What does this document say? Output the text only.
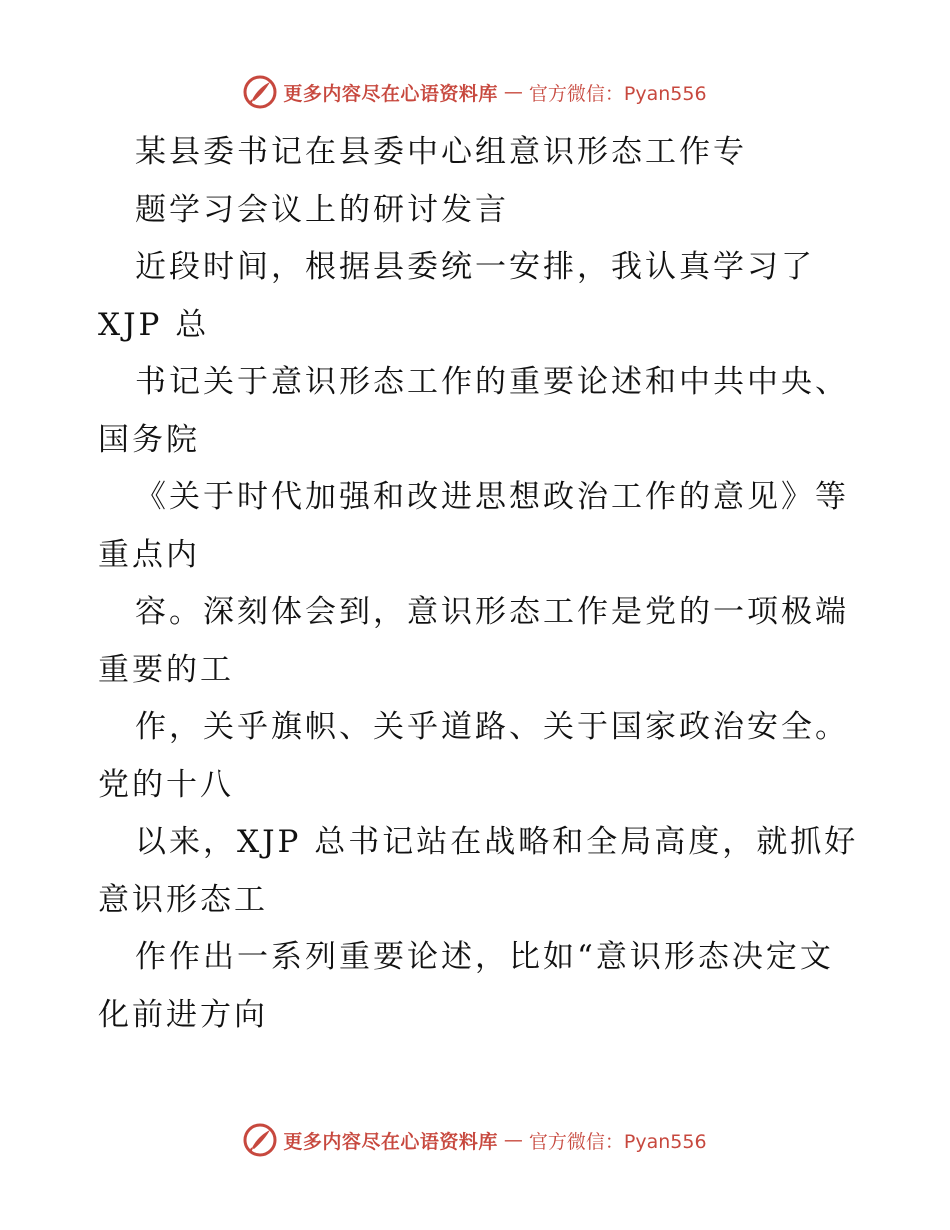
更多内容尽在心语资料库 — 官方微信：Pyan556
某县委书记在县委中心组意识形态工作专
题学习会议上的研讨发言
近段时间，根据县委统一安排，我认真学习了
XJP 总
书记关于意识形态工作的重要论述和中共中央、
国务院
《关于时代加强和改进思想政治工作的意见》等
重点内
容。深刻体会到，意识形态工作是党的一项极端
重要的工
作，关乎旗帜、关乎道路、关于国家政治安全。
党的十八
以来，XJP 总书记站在战略和全局高度，就抓好
意识形态工
作作出一系列重要论述，比如“意识形态决定文
化前进方向
更多内容尽在心语资料库 — 官方微信：Pyan556
